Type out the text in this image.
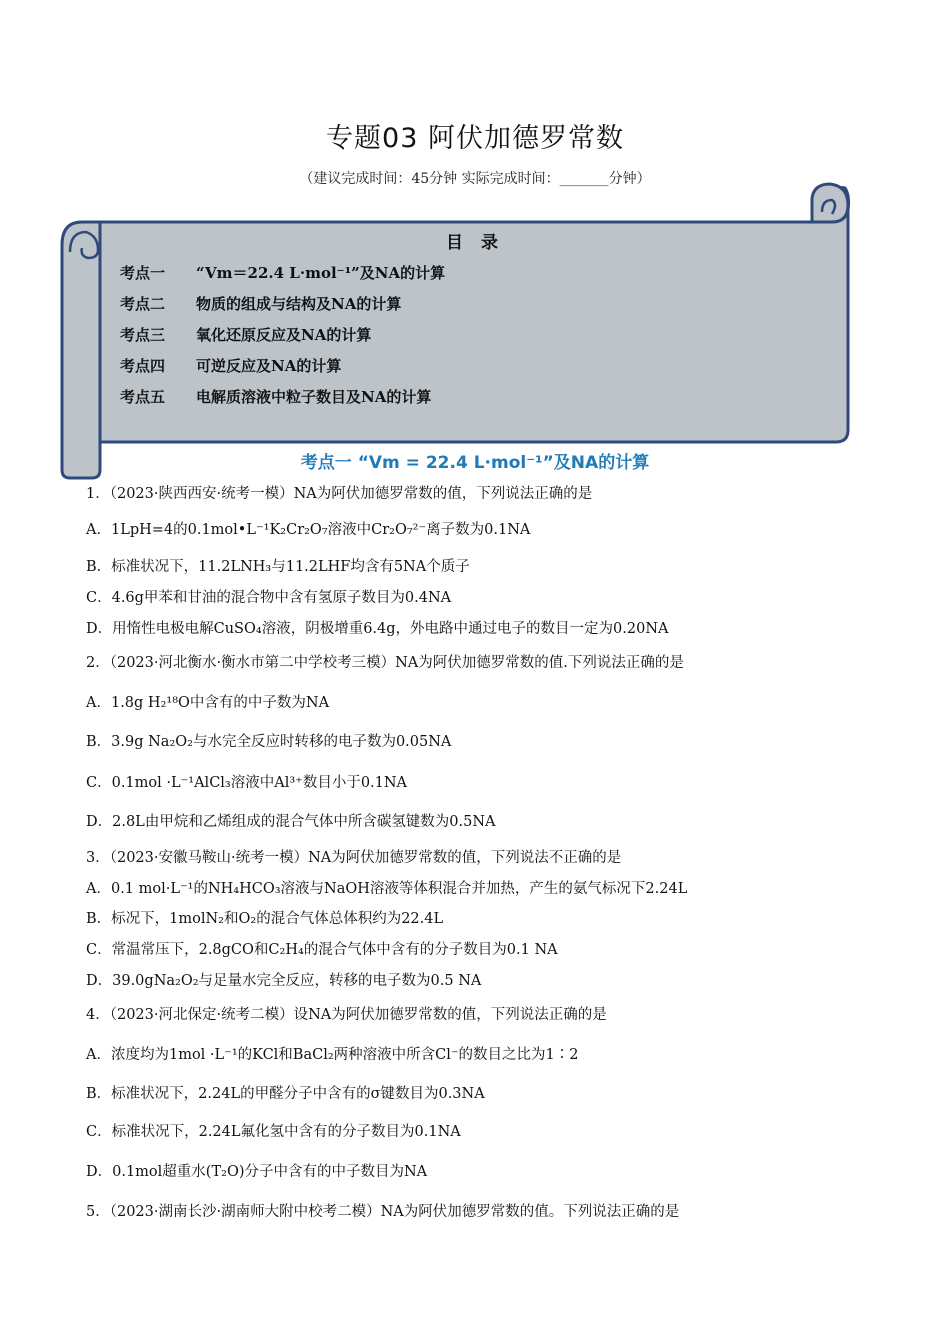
专题03 阿伏加德罗常数
（建议完成时间：45分钟 实际完成时间：_______分钟）
目 录
考点一	“Vm＝22.4 L·mol⁻¹”及NA的计算
考点二	物质的组成与结构及NA的计算
考点三	氧化还原反应及NA的计算
考点四	可逆反应及NA的计算
考点五	电解质溶液中粒子数目及NA的计算
考点一 “Vm = 22.4 L·mol⁻¹”及NA的计算
1．（2023·陕西西安·统考一模）NA为阿伏加德罗常数的值，下列说法正确的是
A．1LpH=4的0.1mol•L⁻¹K₂Cr₂O₇溶液中Cr₂O₇²⁻离子数为0.1NA
B．标准状况下，11.2LNH₃与11.2LHF均含有5NA个质子
C．4.6g甲苯和甘油的混合物中含有氢原子数目为0.4NA
D．用惰性电极电解CuSO₄溶液，阴极增重6.4g，外电路中通过电子的数目一定为0.20NA
2．（2023·河北衡水·衡水市第二中学校考三模）NA为阿伏加德罗常数的值.下列说法正确的是
A．1.8g H₂¹⁸O中含有的中子数为NA
B．3.9g Na₂O₂与水完全反应时转移的电子数为0.05NA
C．0.1mol ·L⁻¹AlCl₃溶液中Al³⁺数目小于0.1NA
D．2.8L由甲烷和乙烯组成的混合气体中所含碳氢键数为0.5NA
3．（2023·安徽马鞍山·统考一模）NA为阿伏加德罗常数的值，下列说法不正确的是
A．0.1 mol·L⁻¹的NH₄HCO₃溶液与NaOH溶液等体积混合并加热，产生的氨气标况下2.24L
B．标况下，1molN₂和O₂的混合气体总体积约为22.4L
C．常温常压下，2.8gCO和C₂H₄的混合气体中含有的分子数目为0.1 NA
D．39.0gNa₂O₂与足量水完全反应，转移的电子数为0.5 NA
4．（2023·河北保定·统考二模）设NA为阿伏加德罗常数的值，下列说法正确的是
A．浓度均为1mol ·L⁻¹的KCl和BaCl₂两种溶液中所含Cl⁻的数目之比为1∶2
B．标准状况下，2.24L的甲醛分子中含有的σ键数目为0.3NA
C．标准状况下，2.24L氟化氢中含有的分子数目为0.1NA
D．0.1mol超重水(T₂O)分子中含有的中子数目为NA
5．（2023·湖南长沙·湖南师大附中校考二模）NA为阿伏加德罗常数的值。下列说法正确的是
